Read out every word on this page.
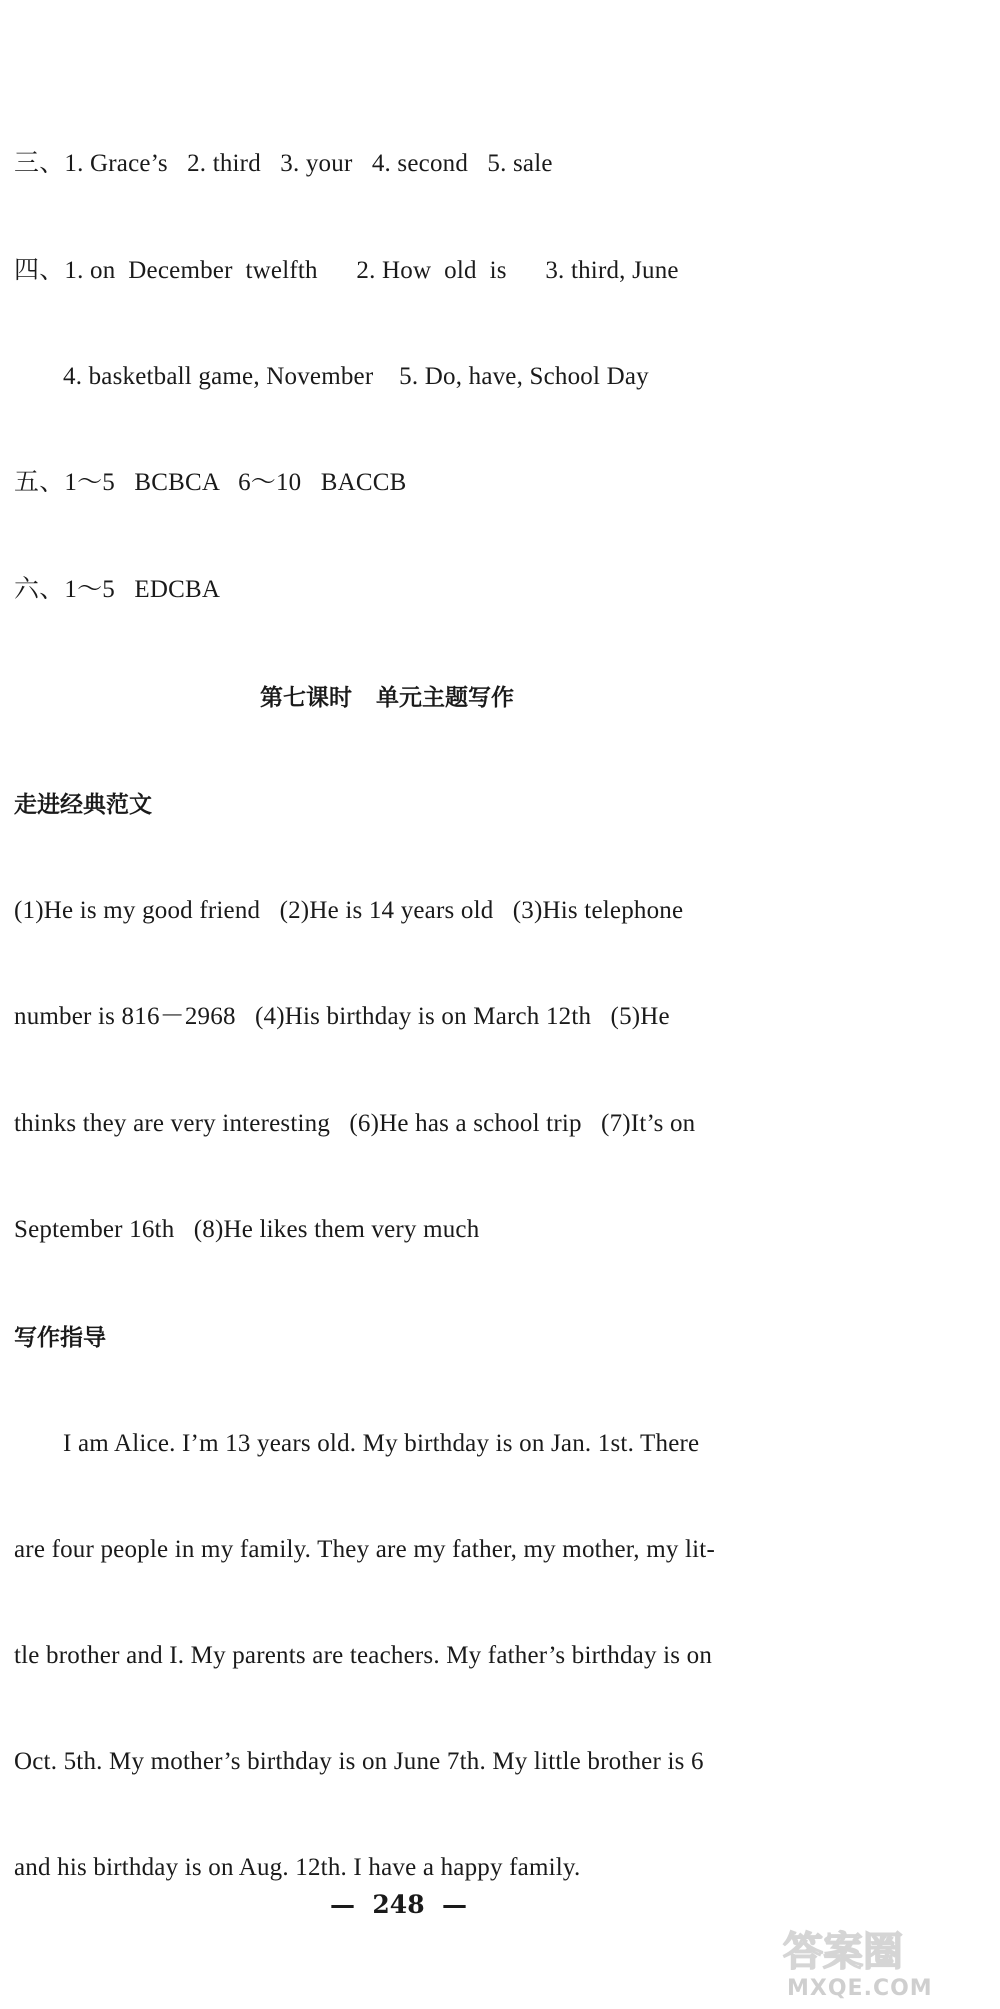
三、1. Grace’s   2. third   3. your   4. second   5. sale
四、1. on  December  twelfth      2. How  old  is      3. third, June
4. basketball game, November    5. Do, have, School Day
五、1～5   BCBCA   6～10   BACCB
六、1～5   EDCBA
第七课时   单元主题写作
走进经典范文
(1)He is my good friend   (2)He is 14 years old   (3)His telephone
number is 816－2968   (4)His birthday is on March 12th   (5)He
thinks they are very interesting   (6)He has a school trip   (7)It’s on
September 16th   (8)He likes them very much
写作指导
I am Alice. I’m 13 years old. My birthday is on Jan. 1st. There
are four people in my family. They are my father, my mother, my lit-
tle brother and I. My parents are teachers. My father’s birthday is on
Oct. 5th. My mother’s birthday is on June 7th. My little brother is 6
and his birthday is on Aug. 12th. I have a happy family.
—  248  —
答案圈
MXQE.COM
